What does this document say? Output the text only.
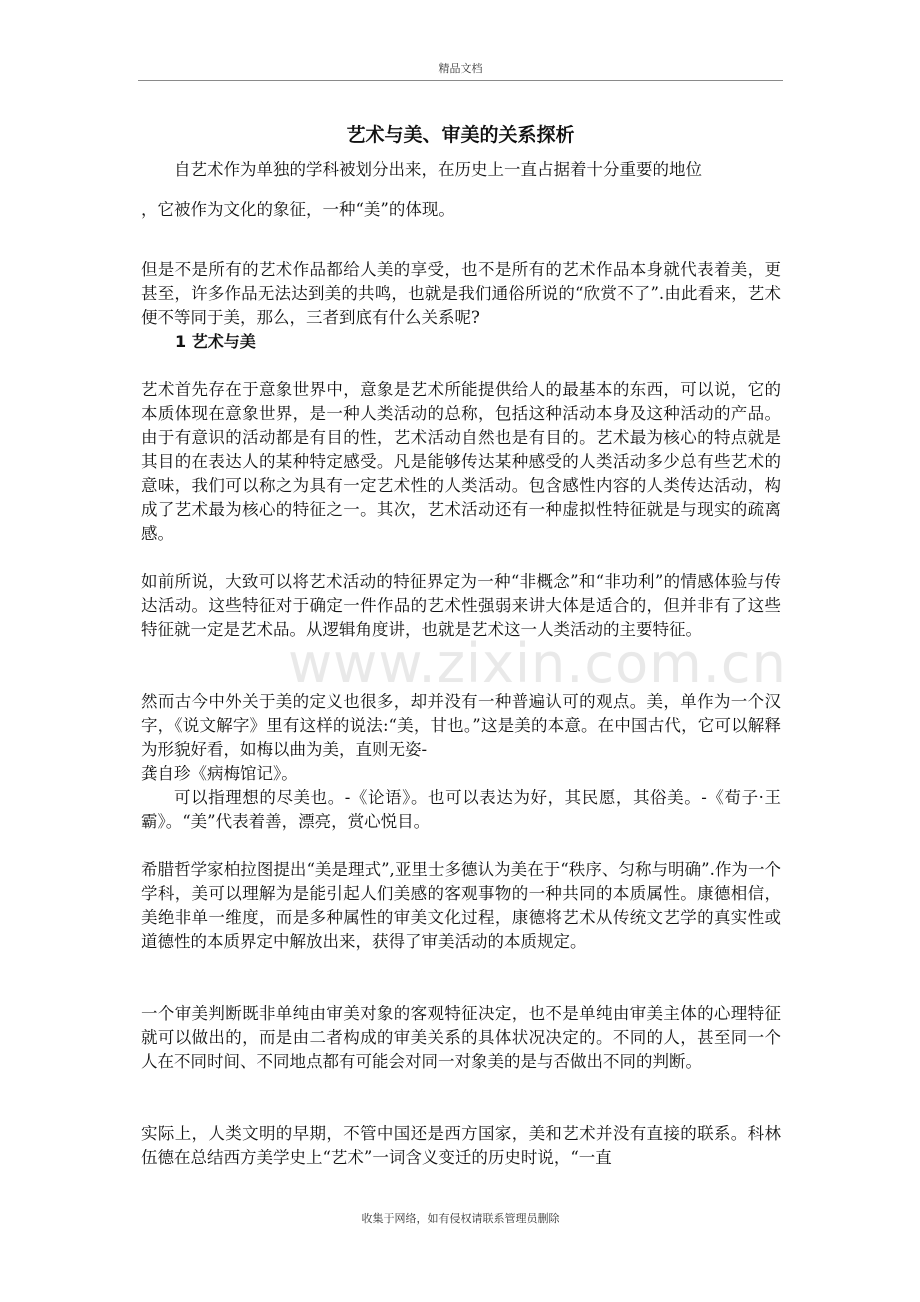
精品文档
艺术与美、审美的关系探析
自艺术作为单独的学科被划分出来，在历史上一直占据着十分重要的地位
，它被作为文化的象征，一种“美”的体现。
但是不是所有的艺术作品都给人美的享受，也不是所有的艺术作品本身就代表着美，更甚至，许多作品无法达到美的共鸣，也就是我们通俗所说的“欣赏不了”.由此看来，艺术便不等同于美，那么，三者到底有什么关系呢?
1 艺术与美
艺术首先存在于意象世界中，意象是艺术所能提供给人的最基本的东西，可以说，它的本质体现在意象世界，是一种人类活动的总称，包括这种活动本身及这种活动的产品。由于有意识的活动都是有目的性，艺术活动自然也是有目的。艺术最为核心的特点就是其目的在表达人的某种特定感受。凡是能够传达某种感受的人类活动多少总有些艺术的意味，我们可以称之为具有一定艺术性的人类活动。包含感性内容的人类传达活动，构成了艺术最为核心的特征之一。其次，艺术活动还有一种虚拟性特征就是与现实的疏离感。
如前所说，大致可以将艺术活动的特征界定为一种“非概念”和“非功利”的情感体验与传达活动。这些特征对于确定一件作品的艺术性强弱来讲大体是适合的，但并非有了这些特征就一定是艺术品。从逻辑角度讲，也就是艺术这一人类活动的主要特征。
www.zixin.com.cn
然而古今中外关于美的定义也很多，却并没有一种普遍认可的观点。美，单作为一个汉字，《说文解字》里有这样的说法:“美，甘也。”这是美的本意。在中国古代，它可以解释为形貌好看，如梅以曲为美，直则无姿-
龚自珍《病梅馆记》。
可以指理想的尽美也。-《论语》。也可以表达为好，其民愿，其俗美。-《荀子·王霸》。“美”代表着善，漂亮，赏心悦目。
希腊哲学家柏拉图提出“美是理式”,亚里士多德认为美在于“秩序、匀称与明确”.作为一个学科，美可以理解为是能引起人们美感的客观事物的一种共同的本质属性。康德相信，美绝非单一维度，而是多种属性的审美文化过程，康德将艺术从传统文艺学的真实性或道德性的本质界定中解放出来，获得了审美活动的本质规定。
一个审美判断既非单纯由审美对象的客观特征决定，也不是单纯由审美主体的心理特征就可以做出的，而是由二者构成的审美关系的具体状况决定的。不同的人，甚至同一个人在不同时间、不同地点都有可能会对同一对象美的是与否做出不同的判断。
实际上，人类文明的早期，不管中国还是西方国家，美和艺术并没有直接的联系。科林伍德在总结西方美学史上“艺术”一词含义变迁的历史时说，“一直
收集于网络，如有侵权请联系管理员删除
